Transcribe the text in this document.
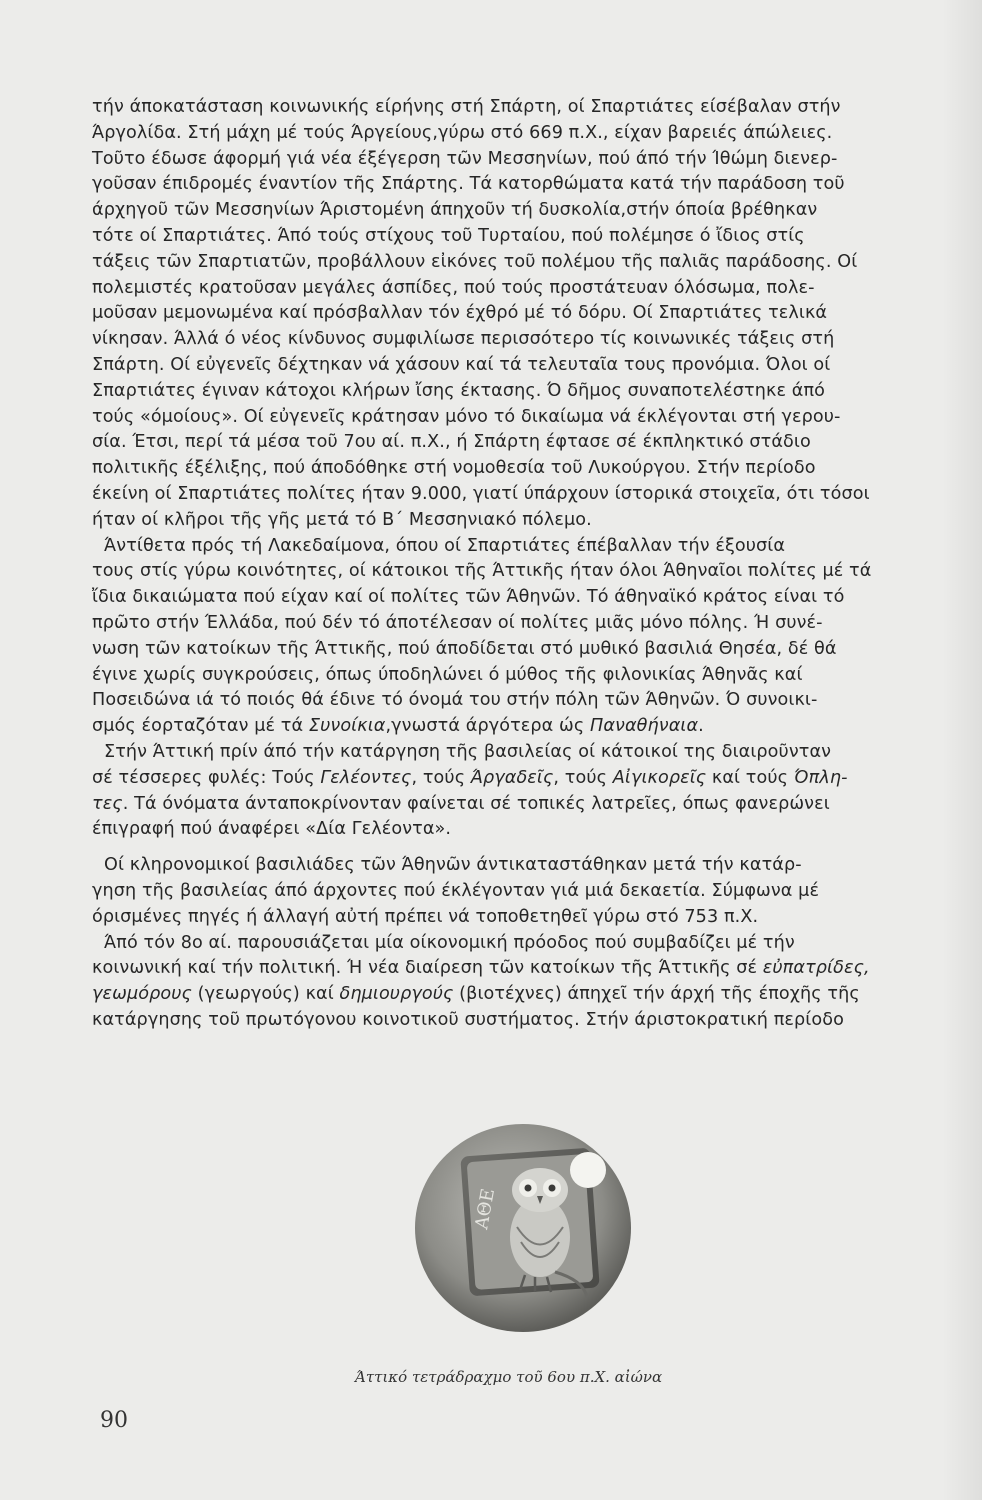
τήν άποκατάσταση κοινωνικής είρήνης στή Σπάρτη, οί Σπαρτιάτες είσέβαλαν στήν

Άργολίδα. Στή μάχη μέ τούς Άργείους,γύρω στό 669 π.Χ., είχαν βαρειές άπώλειες.

Τοῦτο έδωσε άφορμή γιά νέα έξέγερση τῶν Μεσσηνίων, πού άπό τήν Ίθώμη διενερ-

γοῦσαν έπιδρομές έναντίον τῆς Σπάρτης. Τά κατορθώματα κατά τήν παράδοση τοῦ

άρχηγοῦ τῶν Μεσσηνίων Άριστομένη άπηχοῦν τή δυσκολία,στήν όποία βρέθηκαν

τότε οί Σπαρτιάτες. Άπό τούς στίχους τοῦ Τυρταίου, πού πολέμησε ό ἴδιος στίς

τάξεις τῶν Σπαρτιατῶν, προβάλλουν εἰκόνες τοῦ πολέμου τῆς παλιᾶς παράδοσης. Οί

πολεμιστές κρατοῦσαν μεγάλες άσπίδες, πού τούς προστάτευαν όλόσωμα, πολε-

μοῦσαν μεμονωμένα καί πρόσβαλλαν τόν έχθρό μέ τό δόρυ. Οί Σπαρτιάτες τελικά

νίκησαν. Άλλά ό νέος κίνδυνος συμφιλίωσε περισσότερο τίς κοινωνικές τάξεις στή

Σπάρτη. Οί εὐγενεῖς δέχτηκαν νά χάσουν καί τά τελευταῖα τους προνόμια. Όλοι οί

Σπαρτιάτες έγιναν κάτοχοι κλήρων ἴσης έκτασης. Ό δῆμος συναποτελέστηκε άπό

τούς «όμοίους». Οί εὐγενεῖς κράτησαν μόνο τό δικαίωμα νά έκλέγονται στή γερου-

σία. Έτσι, περί τά μέσα τοῦ 7ου αί. π.Χ., ή Σπάρτη έφτασε σέ έκπληκτικό στάδιο

πολιτικῆς έξέλιξης, πού άποδόθηκε στή νομοθεσία τοῦ Λυκούργου. Στήν περίοδο

έκείνη οί Σπαρτιάτες πολίτες ήταν 9.000, γιατί ύπάρχουν ίστορικά στοιχεῖα, ότι τόσοι

ήταν οί κλῆροι τῆς γῆς μετά τό Β΄ Μεσσηνιακό πόλεμο.

Άντίθετα πρός τή Λακεδαίμονα, όπου οί Σπαρτιάτες έπέβαλλαν τήν έξουσία

τους στίς γύρω κοινότητες, οί κάτοικοι τῆς Άττικῆς ήταν όλοι Άθηναῖοι πολίτες μέ τά

ἴδια δικαιώματα πού είχαν καί οί πολίτες τῶν Άθηνῶν. Τό άθηναϊκό κράτος είναι τό

πρῶτο στήν Έλλάδα, πού δέν τό άποτέλεσαν οί πολίτες μιᾶς μόνο πόλης. Ή συνέ-

νωση τῶν κατοίκων τῆς Άττικῆς, πού άποδίδεται στό μυθικό βασιλιά Θησέα, δέ θά

έγινε χωρίς συγκρούσεις, όπως ύποδηλώνει ό μύθος τῆς φιλονικίας Άθηνᾶς καί

Ποσειδώνα ιά τό ποιός θά έδινε τό όνομά του στήν πόλη τῶν Άθηνῶν. Ό συνοικι-

σμός έορταζόταν μέ τά Συνοίκια,γνωστά άργότερα ώς Παναθήναια.

Στήν Άττική πρίν άπό τήν κατάργηση τῆς βασιλείας οί κάτοικοί της διαιροῦνταν

σέ τέσσερες φυλές: Τούς Γελέοντες, τούς Άργαδεῖς, τούς Αἰγικορεῖς καί τούς Όπλη-

τες. Τά όνόματα άνταποκρίνονταν φαίνεται σέ τοπικές λατρεῖες, όπως φανερώνει

έπιγραφή πού άναφέρει «Δία Γελέοντα».

Οί κληρονομικοί βασιλιάδες τῶν Άθηνῶν άντικαταστάθηκαν μετά τήν κατάρ-

γηση τῆς βασιλείας άπό άρχοντες πού έκλέγονταν γιά μιά δεκαετία. Σύμφωνα μέ

όρισμένες πηγές ή άλλαγή αὐτή πρέπει νά τοποθετηθεῖ γύρω στό 753 π.Χ.

Άπό τόν 8ο αί. παρουσιάζεται μία οίκονομική πρόοδος πού συμβαδίζει μέ τήν

κοινωνική καί τήν πολιτική. Ή νέα διαίρεση τῶν κατοίκων τῆς Άττικῆς σέ εὐπατρίδες,

γεωμόρους (γεωργούς) καί δημιουργούς (βιοτέχνες) άπηχεῖ τήν άρχή τῆς έποχῆς τῆς

κατάργησης τοῦ πρωτόγονου κοινοτικοῦ συστήματος. Στήν άριστοκρατική περίοδο

ΑΘΕ
Άττικό τετράδραχμο τοῦ 6ου π.Χ. αἰώνα
90
